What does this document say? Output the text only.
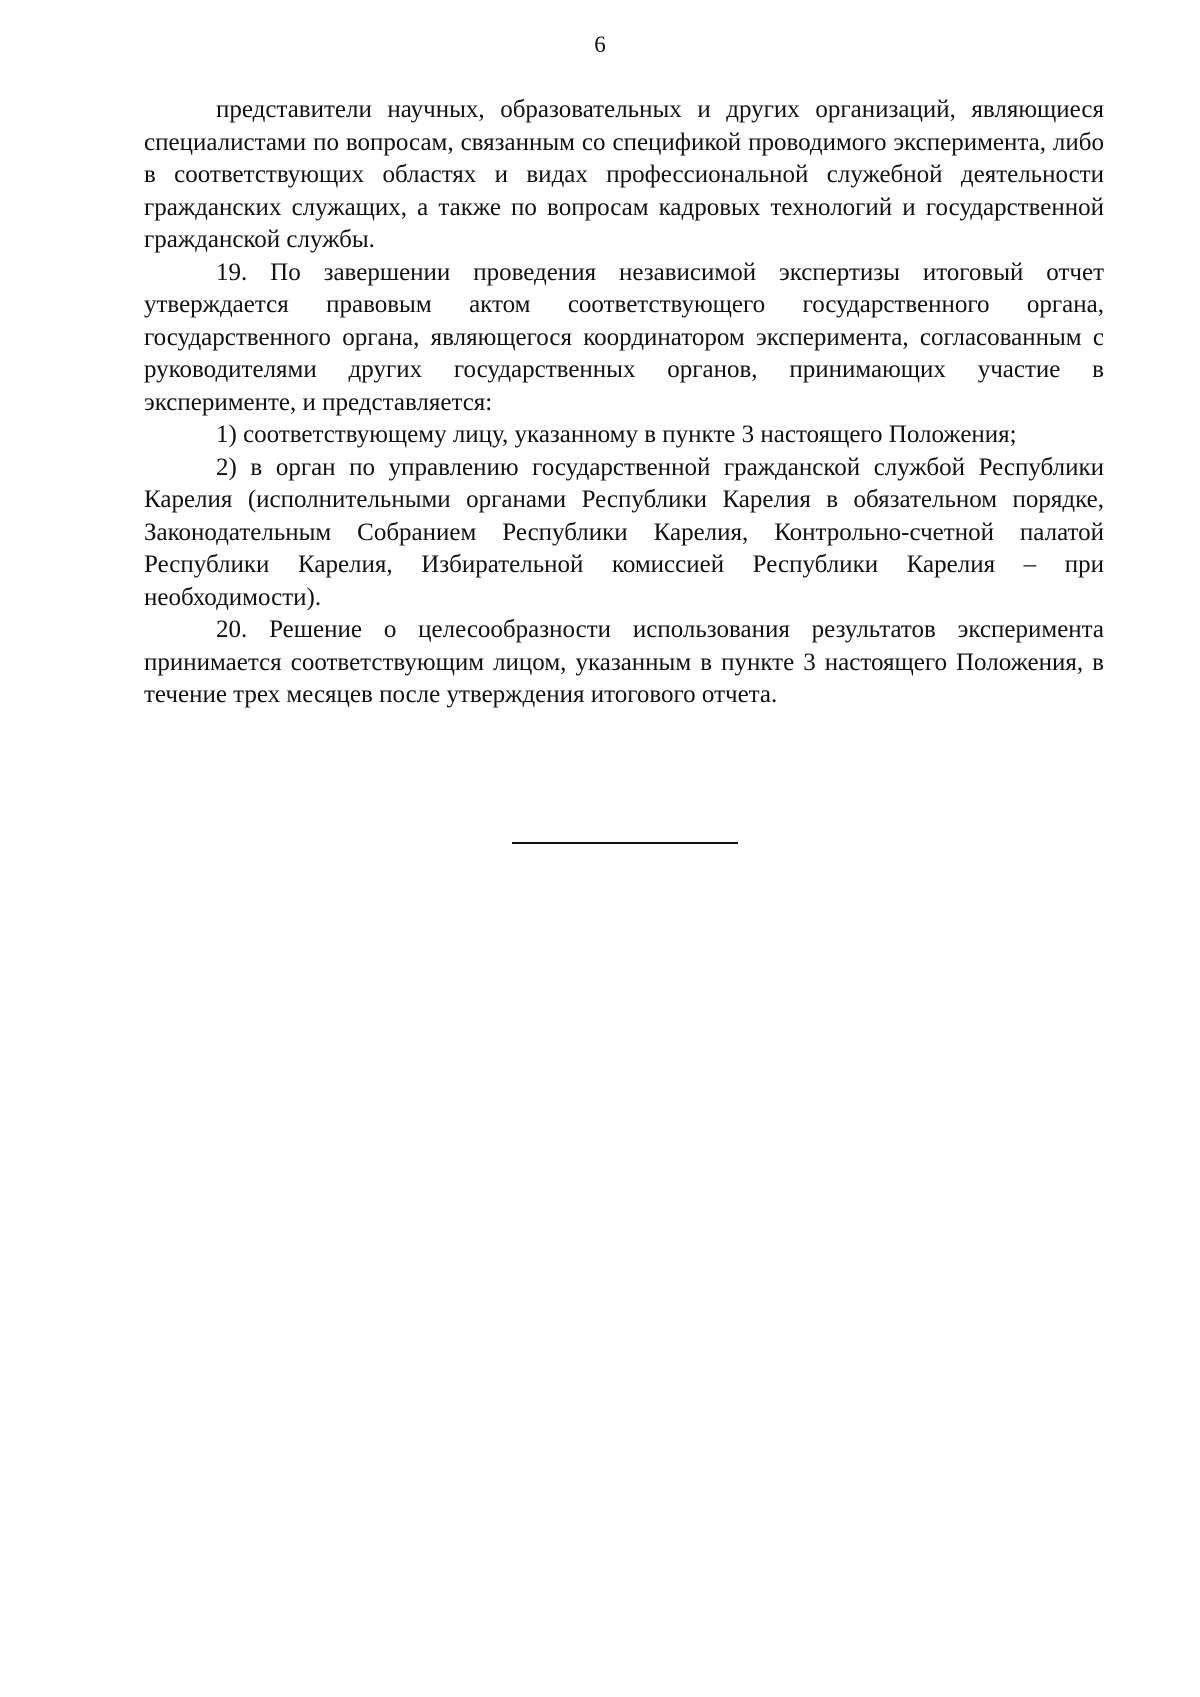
6

представители научных, образовательных и других организаций, являющиеся специалистами по вопросам, связанным со спецификой проводимого эксперимента, либо в соответствующих областях и видах профессиональной служебной деятельности гражданских служащих, а также по вопросам кадровых технологий и государственной гражданской службы.

19. По завершении проведения независимой экспертизы итоговый отчет утверждается правовым актом соответствующего государственного органа, государственного органа, являющегося координатором эксперимента, согласованным с руководителями других государственных органов, принимающих участие в эксперименте, и представляется:

1) соответствующему лицу, указанному в пункте 3 настоящего Положения;

2) в орган по управлению государственной гражданской службой Республики Карелия (исполнительными органами Республики Карелия в обязательном порядке, Законодательным Собранием Республики Карелия, Контрольно-счетной палатой Республики Карелия, Избирательной комиссией Республики Карелия – при необходимости).

20. Решение о целесообразности использования результатов эксперимента принимается соответствующим лицом, указанным в пункте 3 настоящего Положения, в течение трех месяцев после утверждения итогового отчета.
